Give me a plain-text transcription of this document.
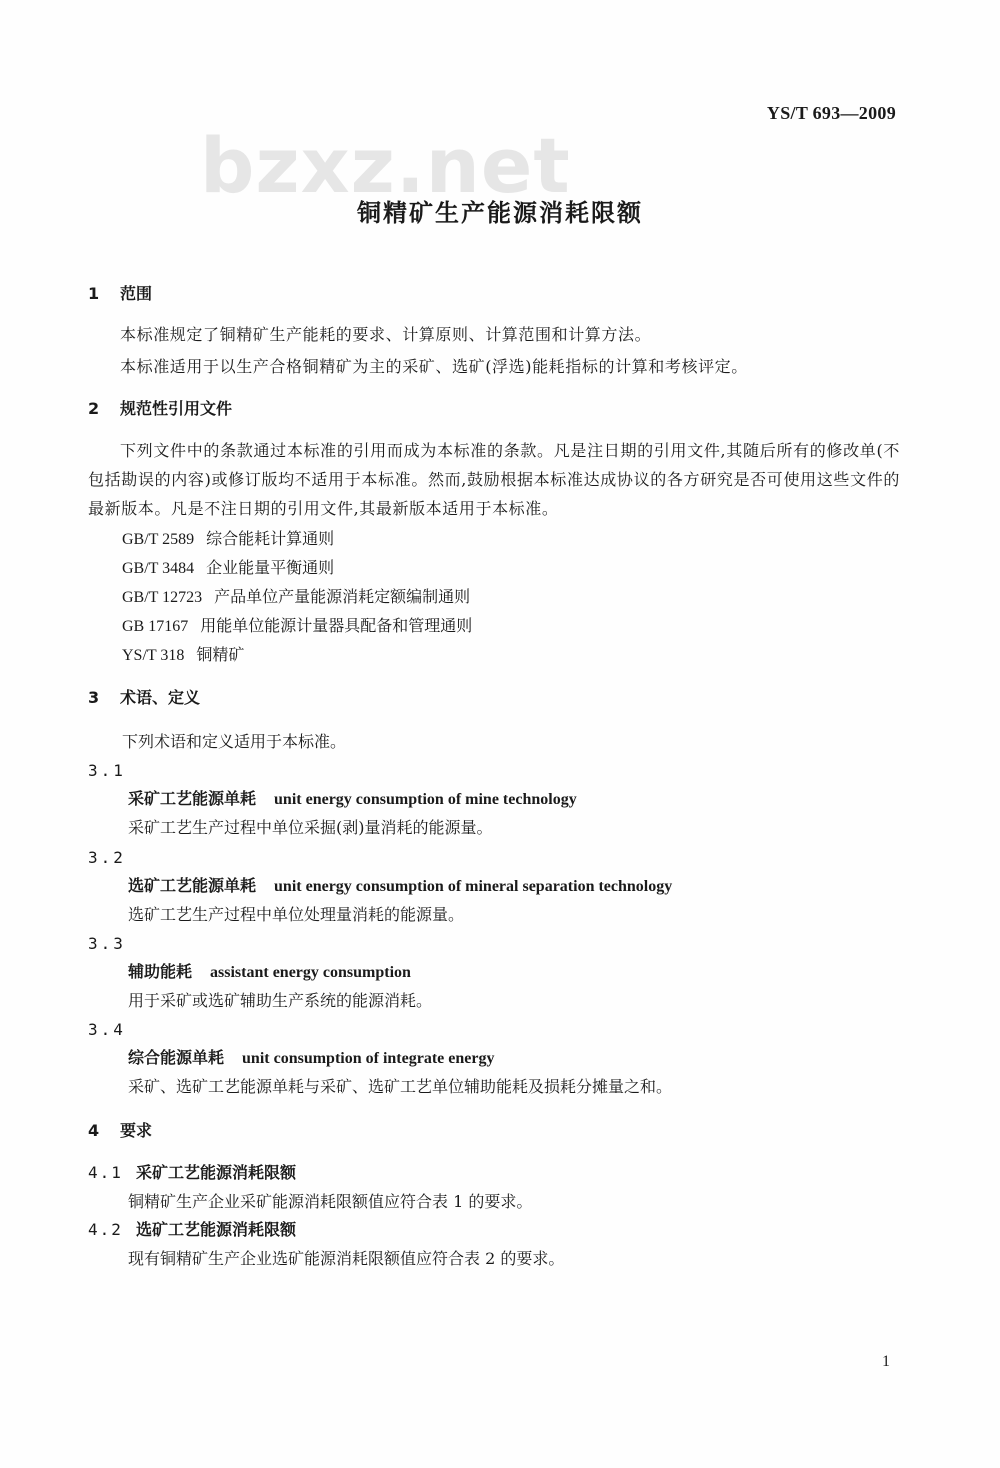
YS/T 693—2009
bzxz.net
铜精矿生产能源消耗限额
1 范围
本标准规定了铜精矿生产能耗的要求、计算原则、计算范围和计算方法。
本标准适用于以生产合格铜精矿为主的采矿、选矿(浮选)能耗指标的计算和考核评定。
2 规范性引用文件
下列文件中的条款通过本标准的引用而成为本标准的条款。凡是注日期的引用文件,其随后所有的修改单(不包括勘误的内容)或修订版均不适用于本标准。然而,鼓励根据本标准达成协议的各方研究是否可使用这些文件的最新版本。凡是不注日期的引用文件,其最新版本适用于本标准。
GB/T 2589 综合能耗计算通则
GB/T 3484 企业能量平衡通则
GB/T 12723 产品单位产量能源消耗定额编制通则
GB 17167 用能单位能源计量器具配备和管理通则
YS/T 318 铜精矿
3 术语、定义
下列术语和定义适用于本标准。
3.1
采矿工艺能源单耗 unit energy consumption of mine technology
采矿工艺生产过程中单位采掘(剥)量消耗的能源量。
3.2
选矿工艺能源单耗 unit energy consumption of mineral separation technology
选矿工艺生产过程中单位处理量消耗的能源量。
3.3
辅助能耗 assistant energy consumption
用于采矿或选矿辅助生产系统的能源消耗。
3.4
综合能源单耗 unit consumption of integrate energy
采矿、选矿工艺能源单耗与采矿、选矿工艺单位辅助能耗及损耗分摊量之和。
4 要求
4.1 采矿工艺能源消耗限额
铜精矿生产企业采矿能源消耗限额值应符合表 1 的要求。
4.2 选矿工艺能源消耗限额
现有铜精矿生产企业选矿能源消耗限额值应符合表 2 的要求。
1
